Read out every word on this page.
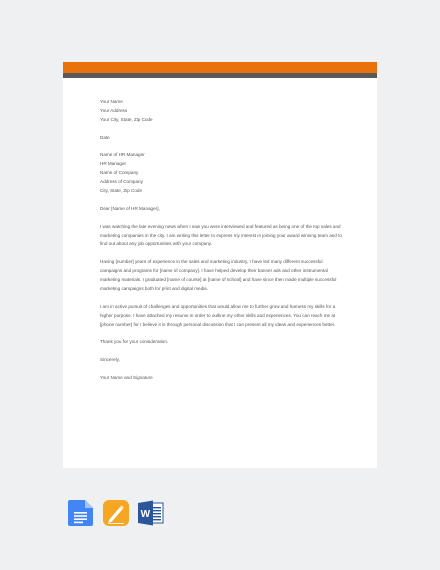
Your Name
Your Address
Your City, State, Zip Code
Date
Name of HR Manager
HR Manager
Name of Company
Address of Company
City, State, Zip Code
Dear [Name of HR Manager],

I was watching the late evening news when I saw you were interviewed and featured as being one of the top sales and marketing companies in the city. I am writing this letter to express my interest in joining your award winning team and to find out about any job opportunities with your company.

Having [number] years of experience in the sales and marketing industry, I have led many different successful campaigns and programs for [name of company]. I have helped develop their banner ads and other instrumental marketing materials. I graduated [name of course] at [name of school] and have since then made multiple successful marketing campaigns both for print and digital media.

I am in active pursuit of challenges and opportunities that would allow me to further grow and harness my skills for a higher purpose. I have attached my resume in order to outline my other skills and experiences. You can reach me at [phone number] for I believe it is through personal discussion that I can present all my ideas and experiences better.

Thank you for your consideration.

Sincerely,
Your Name and Signature
W
